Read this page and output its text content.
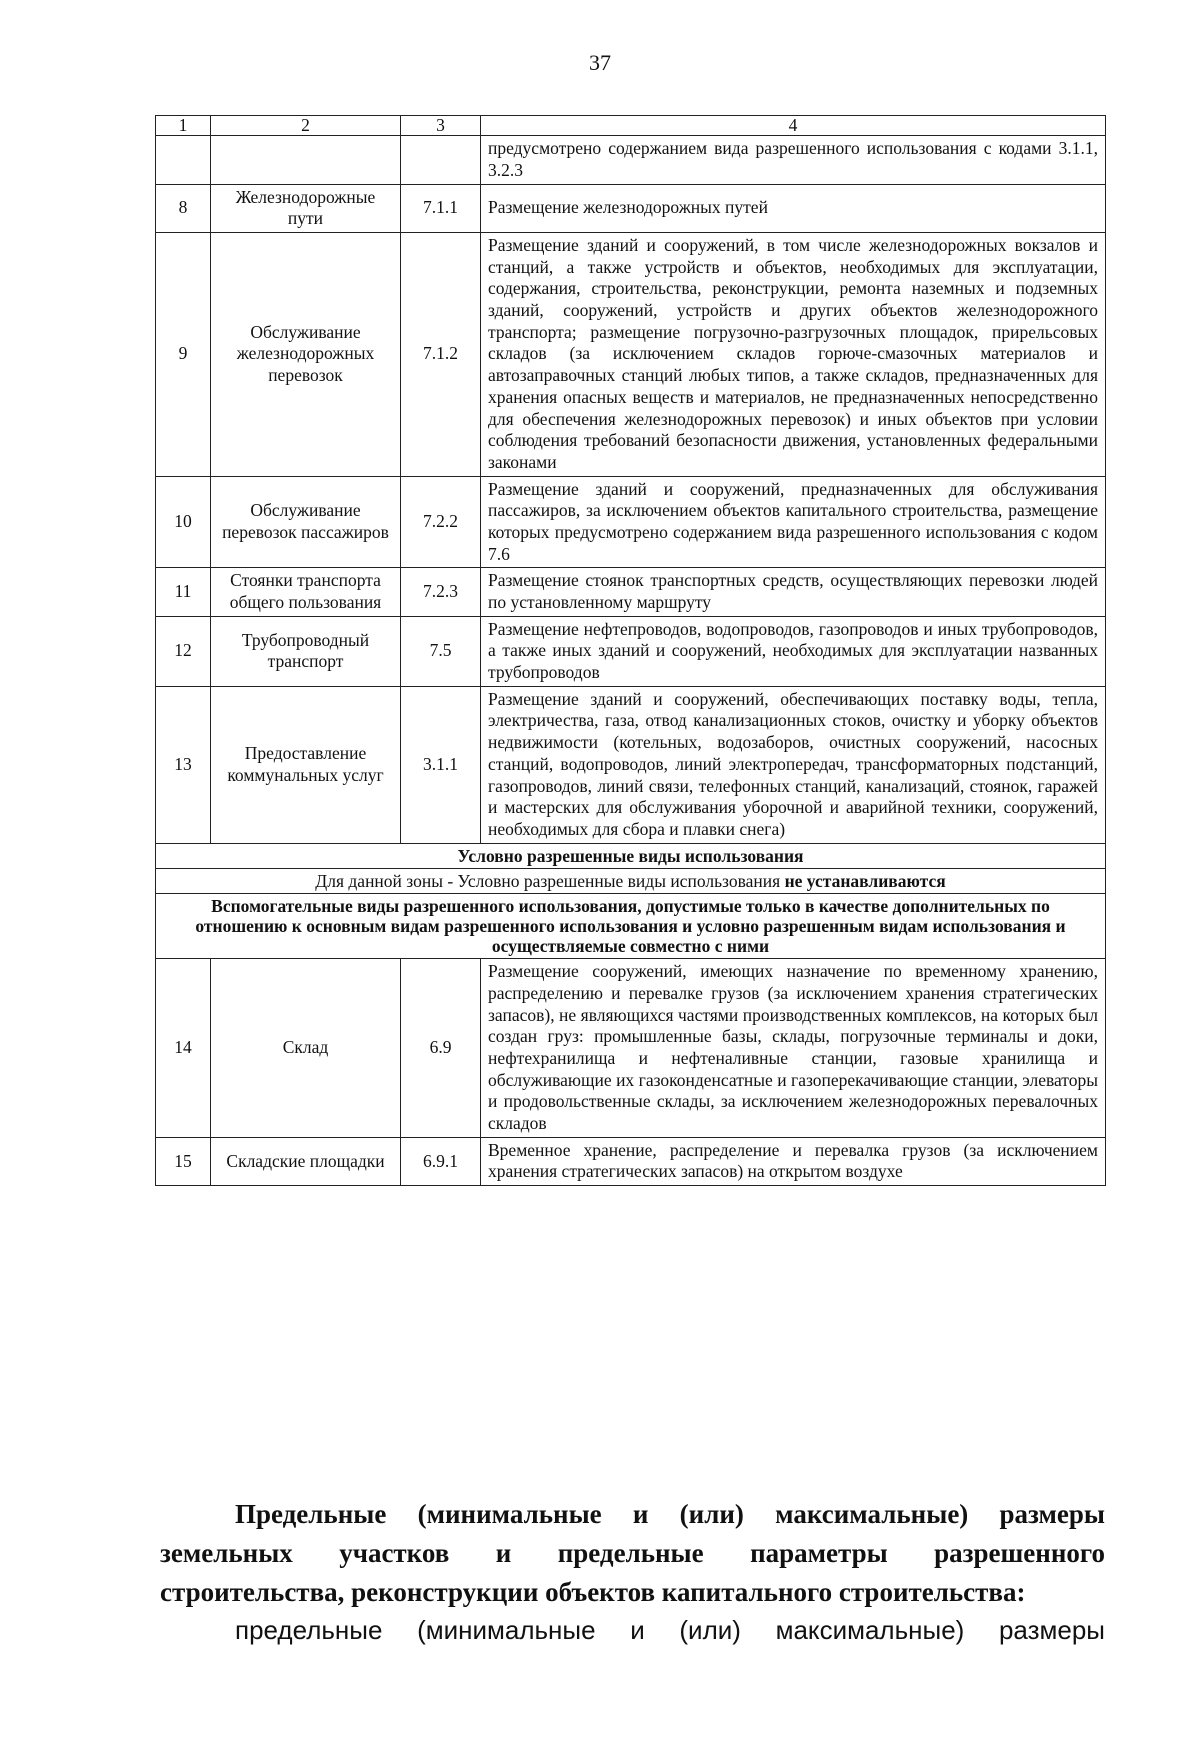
37
1	2	3	4
			предусмотрено содержанием вида разрешенного использования с кодами 3.1.1, 3.2.3
8	Железнодорожные пути	7.1.1	Размещение железнодорожных путей
9	Обслуживание железнодорожных перевозок	7.1.2	Размещение зданий и сооружений, в том числе железнодорожных вокзалов и станций, а также устройств и объектов, необходимых для эксплуатации, содержания, строительства, реконструкции, ремонта наземных и подземных зданий, сооружений, устройств и других объектов железнодорожного транспорта; размещение погрузочно-разгрузочных площадок, прирельсовых складов (за исключением складов горюче-смазочных материалов и автозаправочных станций любых типов, а также складов, предназначенных для хранения опасных веществ и материалов, не предназначенных непосредственно для обеспечения железнодорожных перевозок) и иных объектов при условии соблюдения требований безопасности движения, установленных федеральными законами
10	Обслуживание перевозок пассажиров	7.2.2	Размещение зданий и сооружений, предназначенных для обслуживания пассажиров, за исключением объектов капитального строительства, размещение которых предусмотрено содержанием вида разрешенного использования с кодом 7.6
11	Стоянки транспорта общего пользования	7.2.3	Размещение стоянок транспортных средств, осуществляющих перевозки людей по установленному маршруту
12	Трубопроводный транспорт	7.5	Размещение нефтепроводов, водопроводов, газопроводов и иных трубопроводов, а также иных зданий и сооружений, необходимых для эксплуатации названных трубопроводов
13	Предоставление коммунальных услуг	3.1.1	Размещение зданий и сооружений, обеспечивающих поставку воды, тепла, электричества, газа, отвод канализационных стоков, очистку и уборку объектов недвижимости (котельных, водозаборов, очистных сооружений, насосных станций, водопроводов, линий электропередач, трансформаторных подстанций, газопроводов, линий связи, телефонных станций, канализаций, стоянок, гаражей и мастерских для обслуживания уборочной и аварийной техники, сооружений, необходимых для сбора и плавки снега)
Условно разрешенные виды использования			
Для данной зоны - Условно разрешенные виды использования не устанавливаются			
Вспомогательные виды разрешенного использования, допустимые только в качестве дополнительных по отношению к основным видам разрешенного использования и условно разрешенным видам использования и осуществляемые совместно с ними			
14	Склад	6.9	Размещение сооружений, имеющих назначение по временному хранению, распределению и перевалке грузов (за исключением хранения стратегических запасов), не являющихся частями производственных комплексов, на которых был создан груз: промышленные базы, склады, погрузочные терминалы и доки, нефтехранилища и нефтеналивные станции, газовые хранилища и обслуживающие их газоконденсатные и газоперекачивающие станции, элеваторы и продовольственные склады, за исключением железнодорожных перевалочных складов
15	Складские площадки	6.9.1	Временное хранение, распределение и перевалка грузов (за исключением хранения стратегических запасов) на открытом воздухе
Предельные (минимальные и (или) максимальные) размеры
земельных участков и предельные параметры разрешенного
строительства, реконструкции объектов капитального строительства:
предельные (минимальные и (или) максимальные) размеры
